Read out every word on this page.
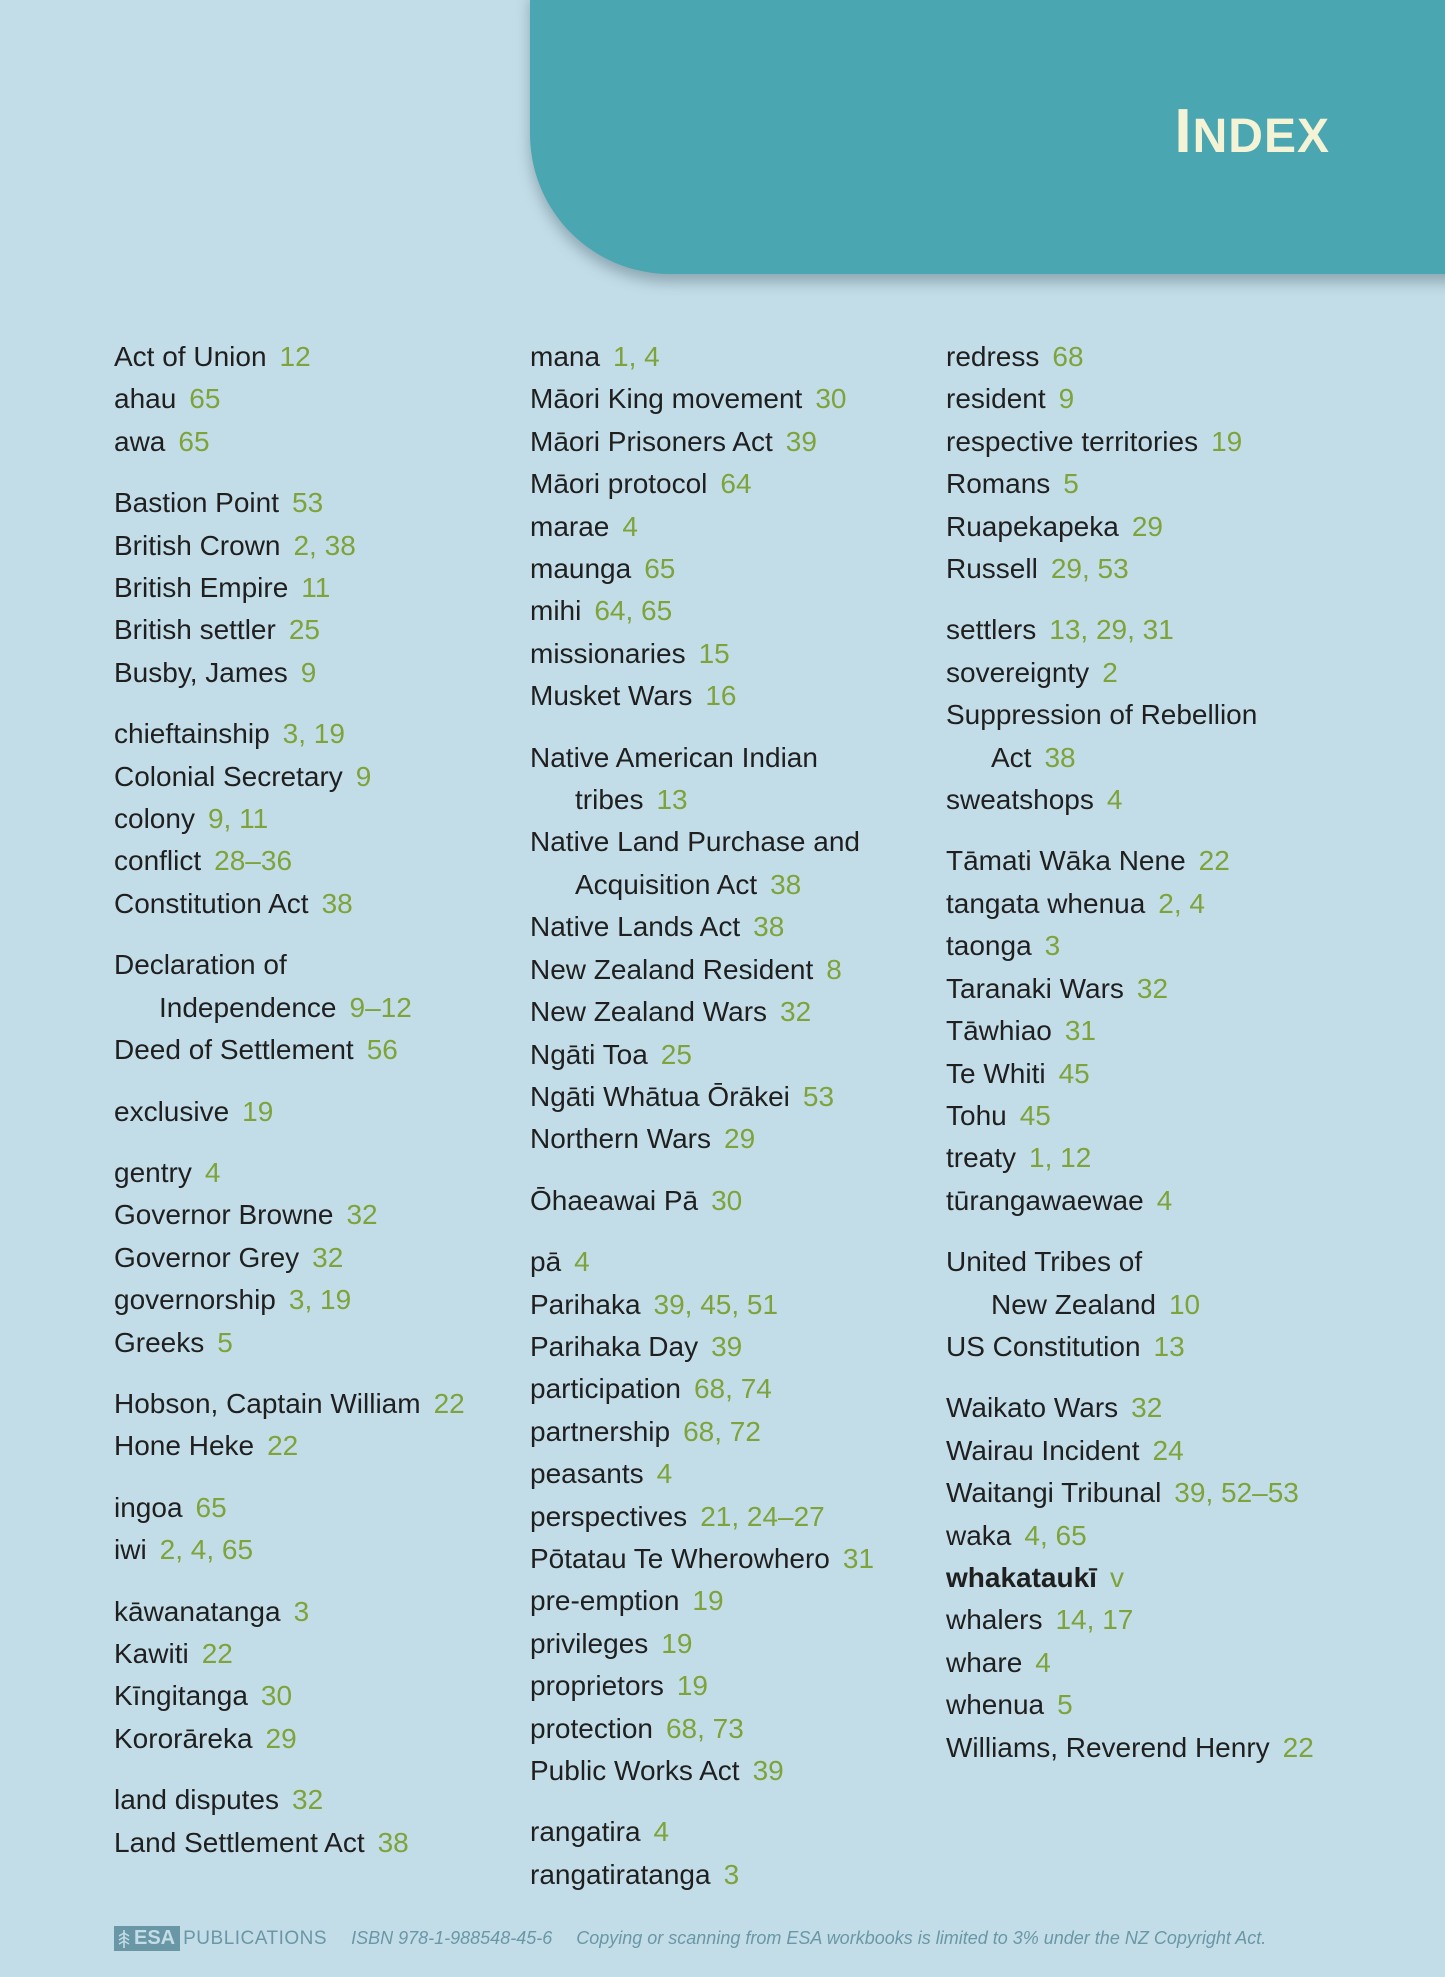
INDEX
Act of Union 12
ahau 65
awa 65
Bastion Point 53
British Crown 2, 38
British Empire 11
British settler 25
Busby, James 9
chieftainship 3, 19
Colonial Secretary 9
colony 9, 11
conflict 28–36
Constitution Act 38
Declaration of
Independence 9–12
Deed of Settlement 56
exclusive 19
gentry 4
Governor Browne 32
Governor Grey 32
governorship 3, 19
Greeks 5
Hobson, Captain William 22
Hone Heke 22
ingoa 65
iwi 2, 4, 65
kāwanatanga 3
Kawiti 22
Kīngitanga 30
Kororāreka 29
land disputes 32
Land Settlement Act 38
mana 1, 4
Māori King movement 30
Māori Prisoners Act 39
Māori protocol 64
marae 4
maunga 65
mihi 64, 65
missionaries 15
Musket Wars 16
Native American Indian
tribes 13
Native Land Purchase and
Acquisition Act 38
Native Lands Act 38
New Zealand Resident 8
New Zealand Wars 32
Ngāti Toa 25
Ngāti Whātua Ōrākei 53
Northern Wars 29
Ōhaeawai Pā 30
pā 4
Parihaka 39, 45, 51
Parihaka Day 39
participation 68, 74
partnership 68, 72
peasants 4
perspectives 21, 24–27
Pōtatau Te Wherowhero 31
pre-emption 19
privileges 19
proprietors 19
protection 68, 73
Public Works Act 39
rangatira 4
rangatiratanga 3
redress 68
resident 9
respective territories 19
Romans 5
Ruapekapeka 29
Russell 29, 53
settlers 13, 29, 31
sovereignty 2
Suppression of Rebellion
Act 38
sweatshops 4
Tāmati Wāka Nene 22
tangata whenua 2, 4
taonga 3
Taranaki Wars 32
Tāwhiao 31
Te Whiti 45
Tohu 45
treaty 1, 12
tūrangawaewae 4
United Tribes of
New Zealand 10
US Constitution 13
Waikato Wars 32
Wairau Incident 24
Waitangi Tribunal 39, 52–53
waka 4, 65
whakataukī v
whalers 14, 17
whare 4
whenua 5
Williams, Reverend Henry 22
ESA PUBLICATIONS ISBN 978-1-988548-45-6 Copying or scanning from ESA workbooks is limited to 3% under the NZ Copyright Act.
